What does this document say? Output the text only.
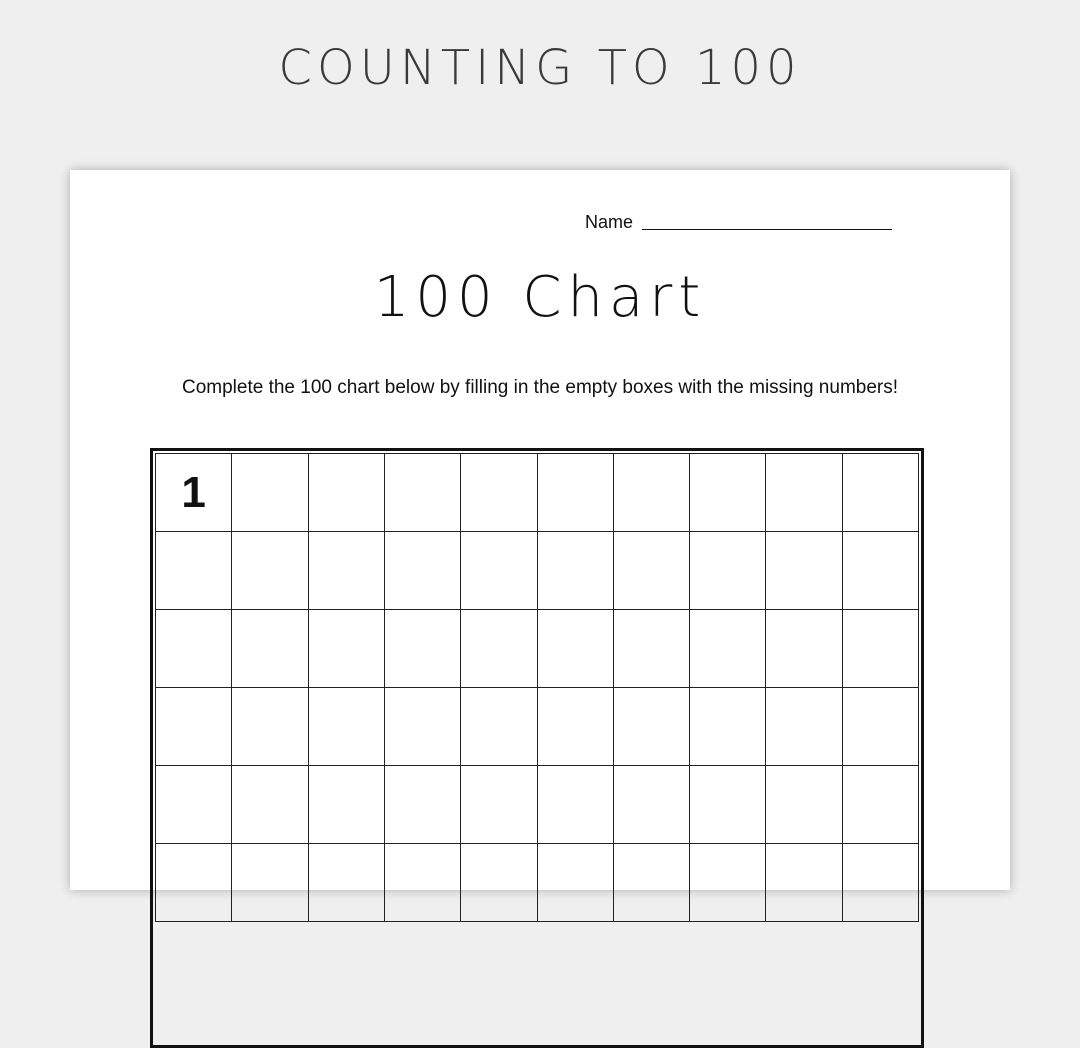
COUNTING TO 100
Name
100 Chart
Complete the 100 chart below by filling in the empty boxes with the missing numbers!
1
